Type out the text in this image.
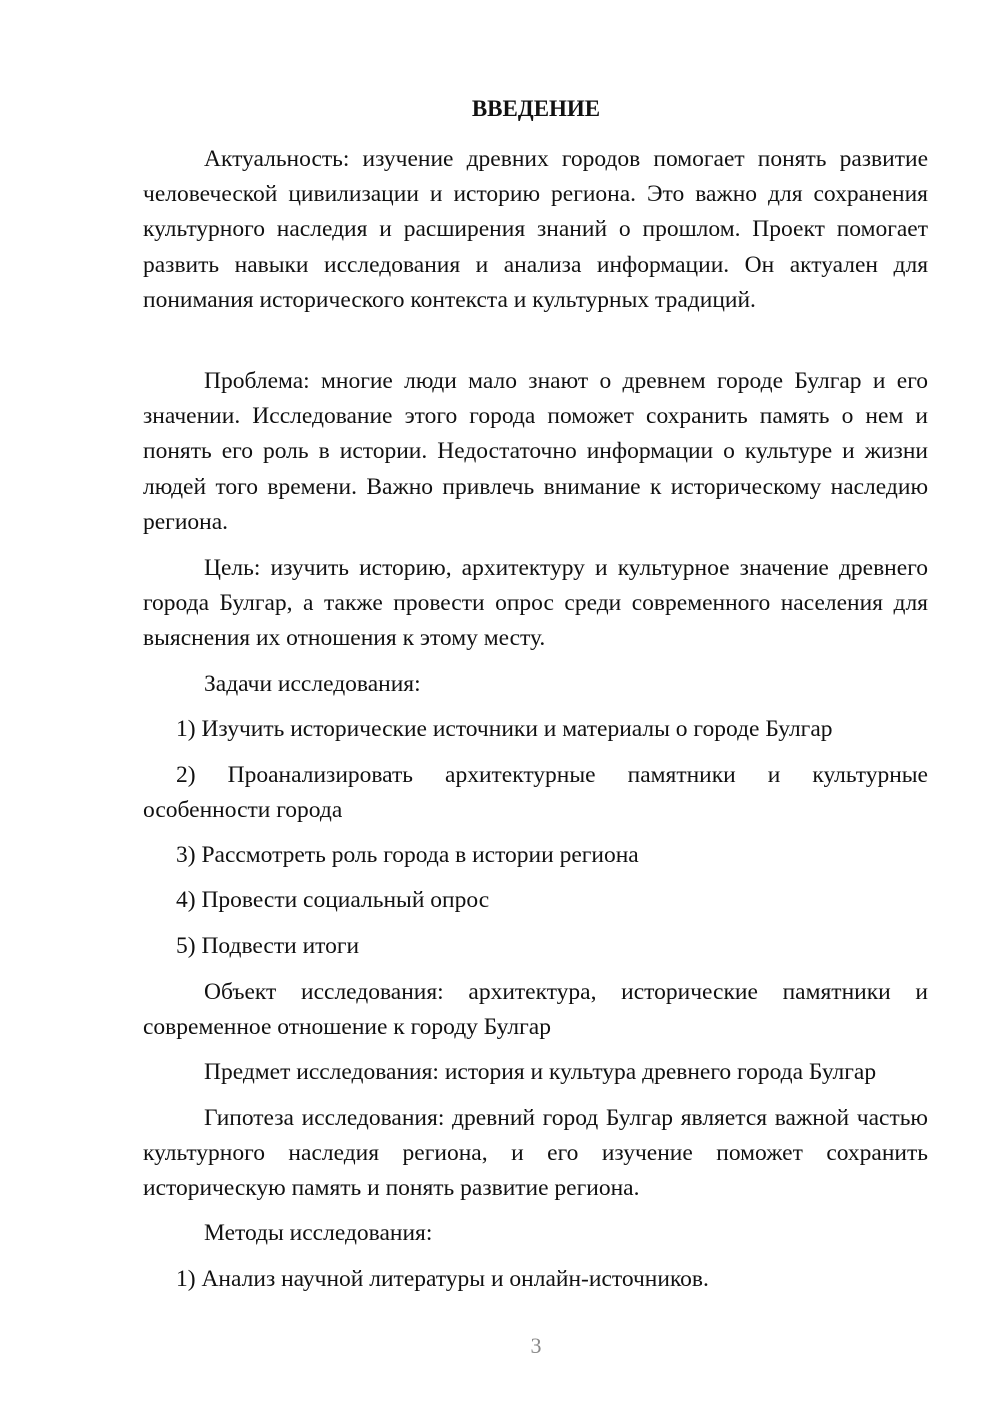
ВВЕДЕНИЕ

Актуальность: изучение древних городов помогает понять развитие человеческой цивилизации и историю региона. Это важно для сохранения культурного наследия и расширения знаний о прошлом. Проект помогает развить навыки исследования и анализа информации. Он актуален для понимания исторического контекста и культурных традиций.

Проблема: многие люди мало знают о древнем городе Булгар и его значении. Исследование этого города поможет сохранить память о нем и понять его роль в истории. Недостаточно информации о культуре и жизни людей того времени. Важно привлечь внимание к историческому наследию региона.

Цель: изучить историю, архитектуру и культурное значение древнего города Булгар, а также провести опрос среди современного населения для выяснения их отношения к этому месту.

Задачи исследования:

1) Изучить исторические источники и материалы о городе Булгар

2) Проанализировать архитектурные памятники и культурные особенности города

3) Рассмотреть роль города в истории региона

4) Провести социальный опрос

5) Подвести итоги

Объект исследования: архитектура, исторические памятники и современное отношение к городу Булгар

Предмет исследования: история и культура древнего города Булгар

Гипотеза исследования: древний город Булгар является важной частью культурного наследия региона, и его изучение поможет сохранить историческую память и понять развитие региона.

Методы исследования:

1) Анализ научной литературы и онлайн-источников.

3
